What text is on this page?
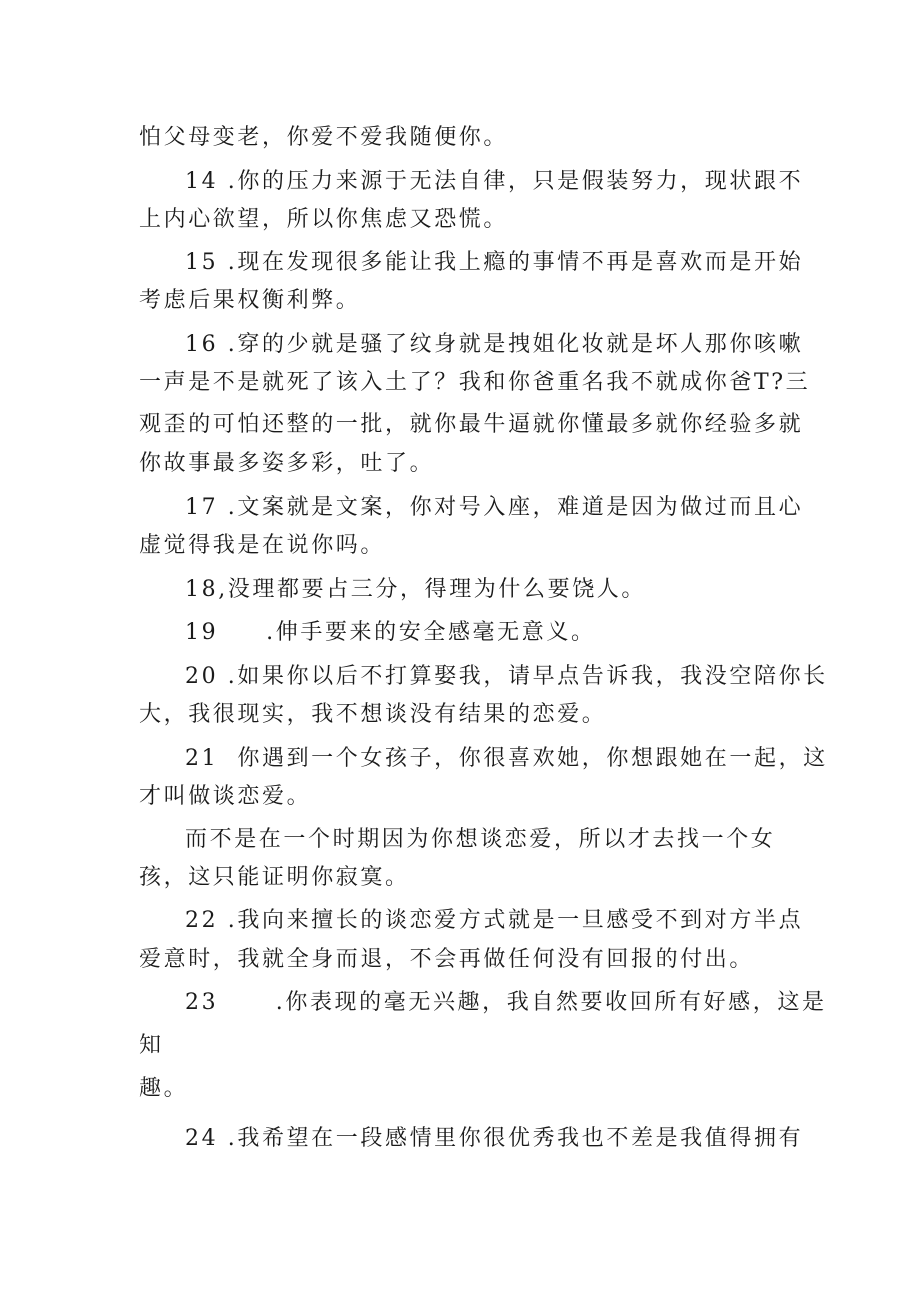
怕父母变老，你爱不爱我随便你。
14 .你的压力来源于无法自律，只是假装努力，现状跟不
上内心欲望，所以你焦虑又恐慌。
15 .现在发现很多能让我上瘾的事情不再是喜欢而是开始
考虑后果权衡利弊。
16 .穿的少就是骚了纹身就是拽姐化妆就是坏人那你咳嗽
一声是不是就死了该入土了？我和你爸重名我不就成你爸T?三
观歪的可怕还整的一批，就你最牛逼就你懂最多就你经验多就
你故事最多姿多彩，吐了。
17 .文案就是文案，你对号入座，难道是因为做过而且心
虚觉得我是在说你吗。
18,没理都要占三分，得理为什么要饶人。
19     .伸手要来的安全感毫无意义。
20 .如果你以后不打算娶我，请早点告诉我，我没空陪你长
大，我很现实，我不想谈没有结果的恋爱。
21  你遇到一个女孩子，你很喜欢她，你想跟她在一起，这
才叫做谈恋爱。
而不是在一个时期因为你想谈恋爱，所以才去找一个女
孩，这只能证明你寂寞。
22 .我向来擅长的谈恋爱方式就是一旦感受不到对方半点
爱意时，我就全身而退，不会再做任何没有回报的付出。
23      .你表现的毫无兴趣，我自然要收回所有好感，这是
知
趣。
24 .我希望在一段感情里你很优秀我也不差是我值得拥有
